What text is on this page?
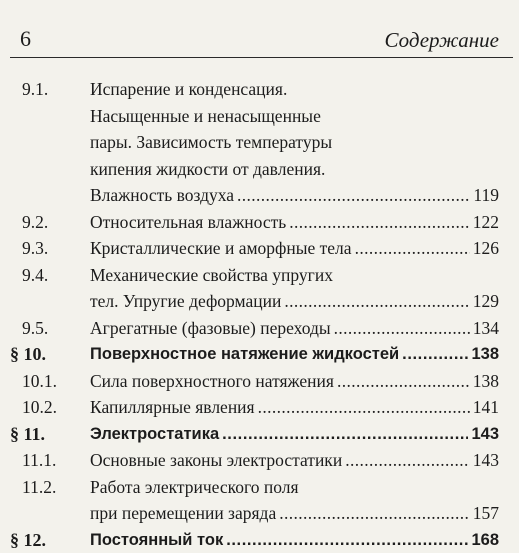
6	Содержание
9.1.	Испарение и конденсация.
Насыщенные и ненасыщенные
пары. Зависимость температуры
кипения жидкости от давления.
Влажность воздуха . . .	119
9.2.	Относительная влажность . . .	122
9.3.	Кристаллические и аморфные тела . . .	126
9.4.	Механические свойства упругих
тел. Упругие деформации . . .	129
9.5.	Агрегатные (фазовые) переходы . . .	134
§ 10.	Поверхностное натяжение жидкостей . . .	138
10.1.	Сила поверхностного натяжения . . .	138
10.2.	Капиллярные явления . . .	141
§ 11.	Электростатика . . .	143
11.1.	Основные законы электростатики . . .	143
11.2.	Работа электрического поля
при перемещении заряда . . .	157
§ 12.	Постоянный ток . . .	168
